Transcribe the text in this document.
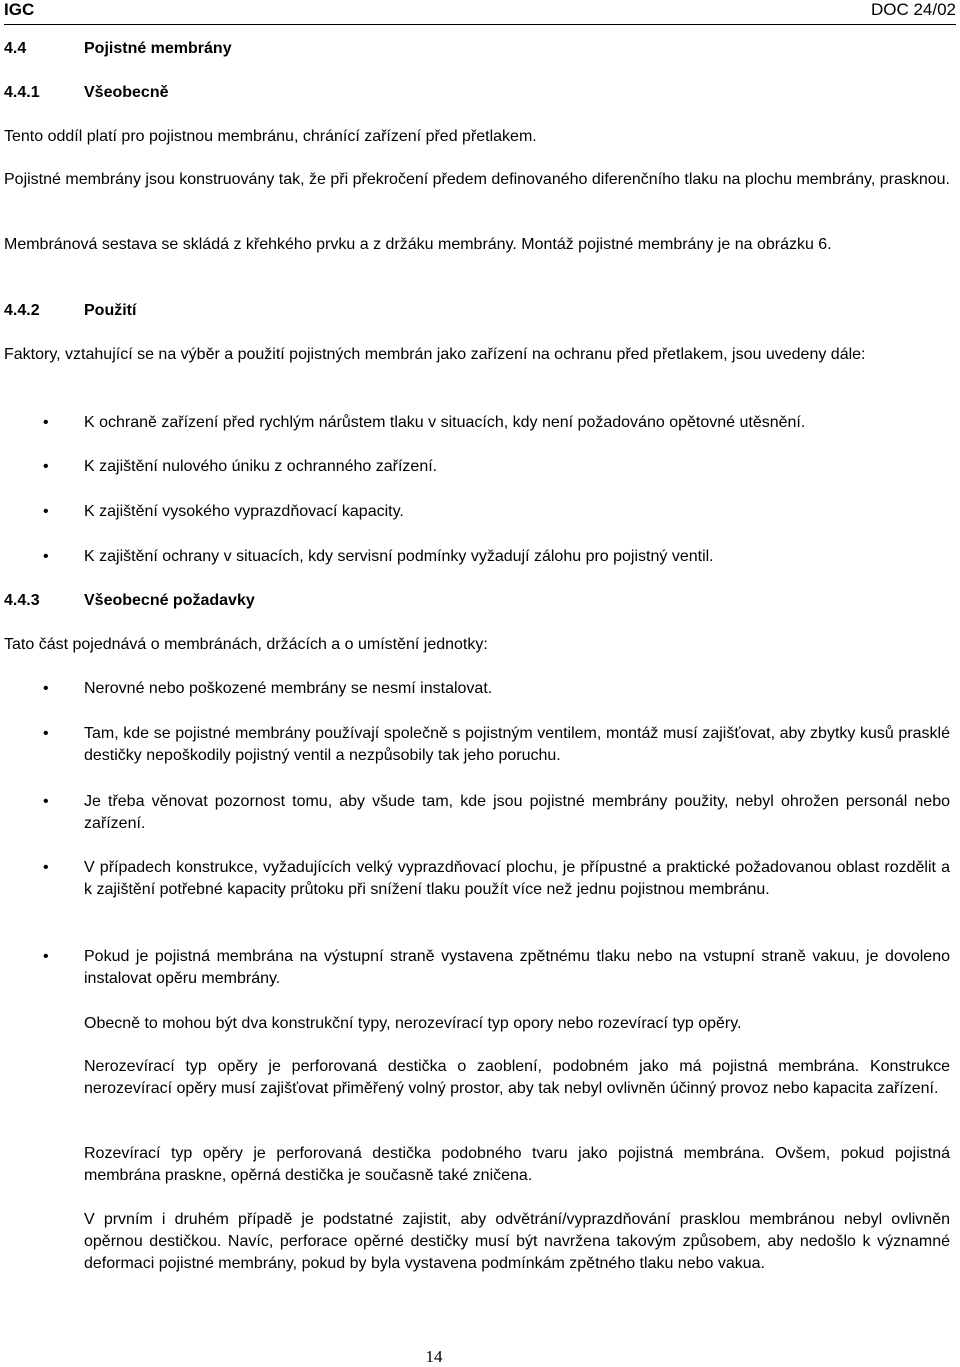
IGC	DOC 24/02
4.4	Pojistné membrány
4.4.1	Všeobecně

Tento oddíl platí pro pojistnou membránu, chránící zařízení před přetlakem.

Pojistné membrány jsou konstruovány tak, že při překročení předem definovaného diferenčního tlaku na plochu membrány, prasknou.

Membránová sestava se skládá z křehkého prvku a z držáku membrány. Montáž pojistné membrány je na obrázku 6.

4.4.2	Použití

Faktory, vztahující se na výběr a použití pojistných membrán jako zařízení na ochranu před přetlakem, jsou uvedeny dále:

• K ochraně zařízení před rychlým nárůstem tlaku v situacích, kdy není požadováno opětovné utěsnění.

• K zajištění nulového úniku z ochranného zařízení.

• K zajištění vysokého vyprazdňovací kapacity.

• K zajištění ochrany v situacích, kdy servisní podmínky vyžadují zálohu pro pojistný ventil.

4.4.3	Všeobecné požadavky

Tato část pojednává o membránách, držácích a o umístění jednotky:

• Nerovné nebo poškozené membrány se nesmí instalovat.

• Tam, kde se pojistné membrány používají společně s pojistným ventilem, montáž musí zajišťovat, aby zbytky kusů prasklé destičky nepoškodily pojistný ventil a nezpůsobily tak jeho poruchu.

• Je třeba věnovat pozornost tomu, aby všude tam, kde jsou pojistné membrány použity, nebyl ohrožen personál nebo zařízení.

• V případech konstrukce, vyžadujících velký vyprazdňovací plochu, je přípustné a praktické požadovanou oblast rozdělit a k zajištění potřebné kapacity průtoku při snížení tlaku použít více než jednu pojistnou membránu.

• Pokud je pojistná membrána na výstupní straně vystavena zpětnému tlaku nebo na vstupní straně vakuu, je dovoleno instalovat opěru membrány.

Obecně to mohou být dva konstrukční typy, nerozevírací typ opory nebo rozevírací typ opěry.

Nerozevírací typ opěry je perforovaná destička o zaoblení, podobném jako má pojistná membrána. Konstrukce nerozevírací opěry musí zajišťovat přiměřený volný prostor, aby tak nebyl ovlivněn účinný provoz nebo kapacita zařízení.

Rozevírací typ opěry je perforovaná destička podobného tvaru jako pojistná membrána. Ovšem, pokud pojistná membrána praskne, opěrná destička je současně také zničena.

V prvním i druhém případě je podstatné zajistit, aby odvětrání/vyprazdňování prasklou membránou nebyl ovlivněn opěrnou destičkou. Navíc, perforace opěrné destičky musí být navržena takovým způsobem, aby nedošlo k významné deformaci pojistné membrány, pokud by byla vystavena podmínkám zpětného tlaku nebo vakua.

14
